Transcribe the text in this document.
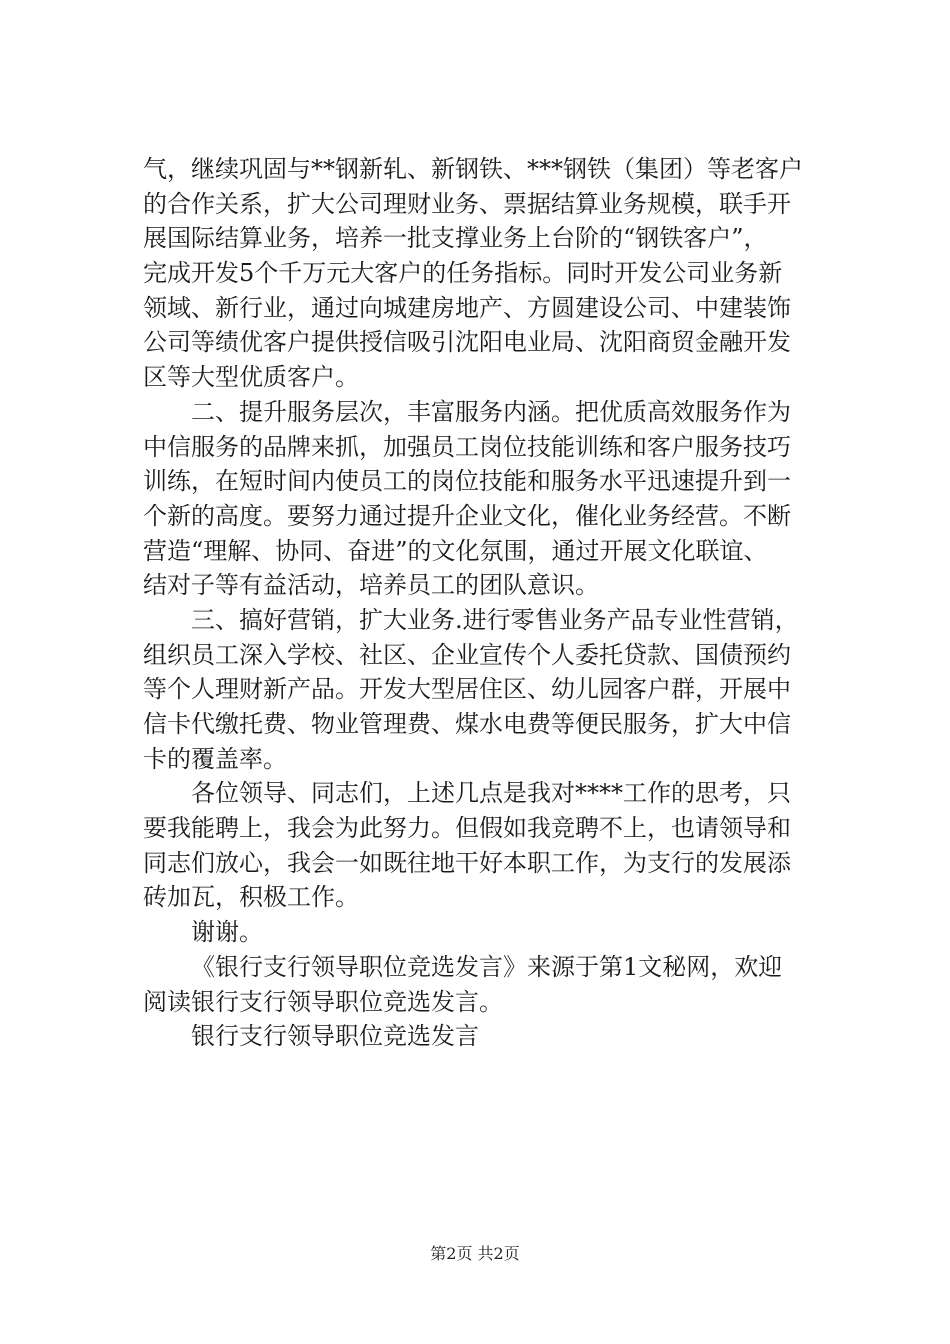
气，继续巩固与**钢新轧、新钢铁、***钢铁（集团）等老客户
的合作关系，扩大公司理财业务、票据结算业务规模，联手开
展国际结算业务，培养一批支撑业务上台阶的“钢铁客户”，
完成开发5个千万元大客户的任务指标。同时开发公司业务新
领域、新行业，通过向城建房地产、方圆建设公司、中建装饰
公司等绩优客户提供授信吸引沈阳电业局、沈阳商贸金融开发
区等大型优质客户。
二、提升服务层次，丰富服务内涵。把优质高效服务作为
中信服务的品牌来抓，加强员工岗位技能训练和客户服务技巧
训练，在短时间内使员工的岗位技能和服务水平迅速提升到一
个新的高度。要努力通过提升企业文化，催化业务经营。不断
营造“理解、协同、奋进”的文化氛围，通过开展文化联谊、
结对子等有益活动，培养员工的团队意识。
三、搞好营销，扩大业务.进行零售业务产品专业性营销，
组织员工深入学校、社区、企业宣传个人委托贷款、国债预约
等个人理财新产品。开发大型居住区、幼儿园客户群，开展中
信卡代缴托费、物业管理费、煤水电费等便民服务，扩大中信
卡的覆盖率。
各位领导、同志们，上述几点是我对****工作的思考，只
要我能聘上，我会为此努力。但假如我竞聘不上，也请领导和
同志们放心，我会一如既往地干好本职工作，为支行的发展添
砖加瓦，积极工作。
谢谢。
《银行支行领导职位竞选发言》来源于第1文秘网，欢迎
阅读银行支行领导职位竞选发言。
银行支行领导职位竞选发言
第2页 共2页
